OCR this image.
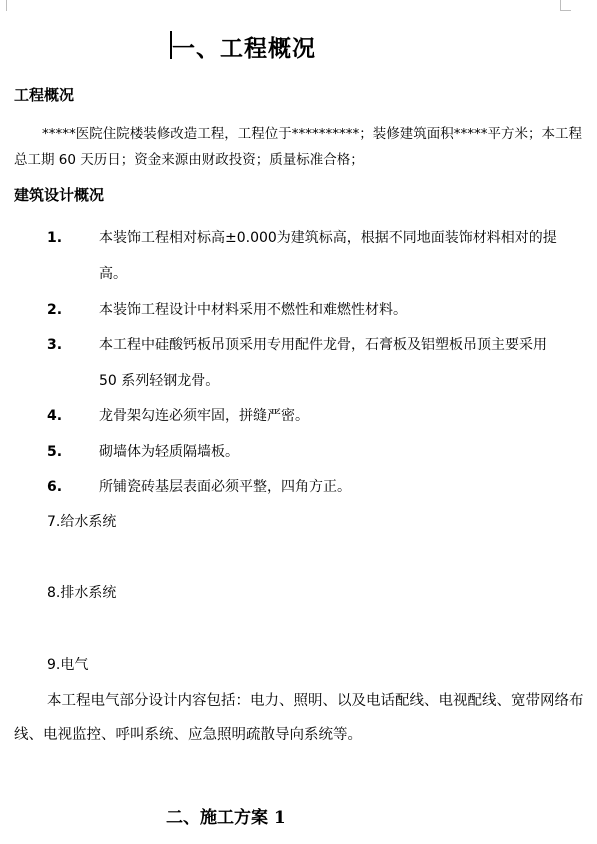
一、工程概况
工程概况
*****医院住院楼装修改造工程，工程位于**********；装修建筑面积*****平方米；本工程总工期 60 天历日；资金来源由财政投资；质量标准合格；
建筑设计概况
1.	本装饰工程相对标高±0.000为建筑标高，根据不同地面装饰材料相对的提高。
2.	本装饰工程设计中材料采用不燃性和难燃性材料。
3.	本工程中硅酸钙板吊顶采用专用配件龙骨，石膏板及铝塑板吊顶主要采用 50 系列轻钢龙骨。
4.	龙骨架勾连必须牢固，拼缝严密。
5.	砌墙体为轻质隔墙板。
6.	所铺瓷砖基层表面必须平整，四角方正。
7.给水系统
8.排水系统
9.电气
本工程电气部分设计内容包括：电力、照明、以及电话配线、电视配线、宽带网络布线、电视监控、呼叫系统、应急照明疏散导向系统等。
二、施工方案 1
